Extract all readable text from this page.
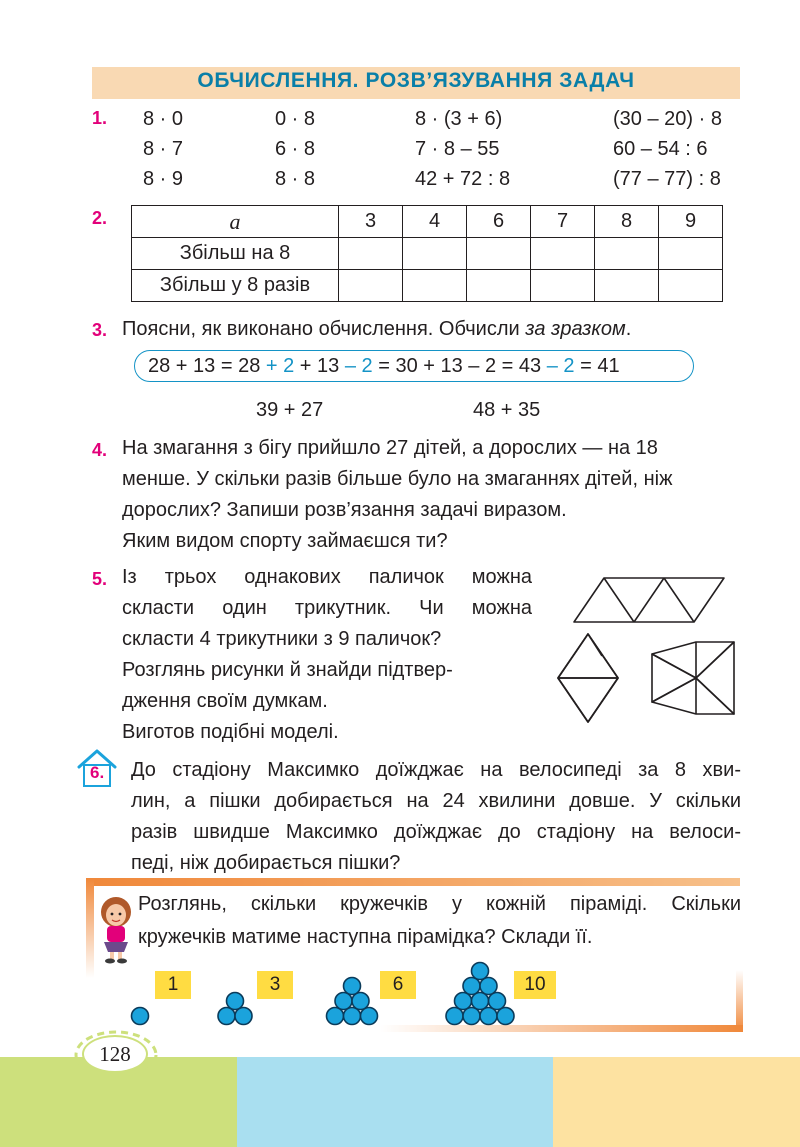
ОБЧИСЛЕННЯ. РОЗВ’ЯЗУВАННЯ ЗАДАЧ
1. 8 · 0	0 · 8	8 · (3 + 6)	(30 – 20) · 8
8 · 7	6 · 8	7 · 8 – 55	60 – 54 : 6
8 · 9	8 · 8	42 + 72 : 8	(77 – 77) : 8
2.	a	3	4	6	7	8	9
Збільш на 8						
Збільш у 8 разів						
3. Поясни, як виконано обчислення. Обчисли за зразком.
28 + 13 = 28 + 2 + 13 – 2 = 30 + 13 – 2 = 43 – 2 = 41
39 + 27	48 + 35
4. На змагання з бігу прийшло 27 дітей, а дорослих — на 18
менше. У скільки разів більше було на змаганнях дітей, ніж
дорослих? Запиши розв’язання задачі виразом.
Яким видом спорту займаєшся ти?
5. Із трьох однакових паличок можна
скласти один трикутник. Чи можна
скласти 4 трикутники з 9 паличок?
Розглянь рисунки й знайди підтвер-
дження своїм думкам.
Виготов подібні моделі.
6. До стадіону Максимко доїжджає на велосипеді за 8 хви-
лин, а пішки добирається на 24 хвилини довше. У скільки
разів швидше Максимко доїжджає до стадіону на велоси-
педі, ніж добирається пішки?
Розглянь, скільки кружечків у кожній піраміді. Скільки
кружечків матиме наступна пірамідка? Склади її.
1	3	6	10
128
